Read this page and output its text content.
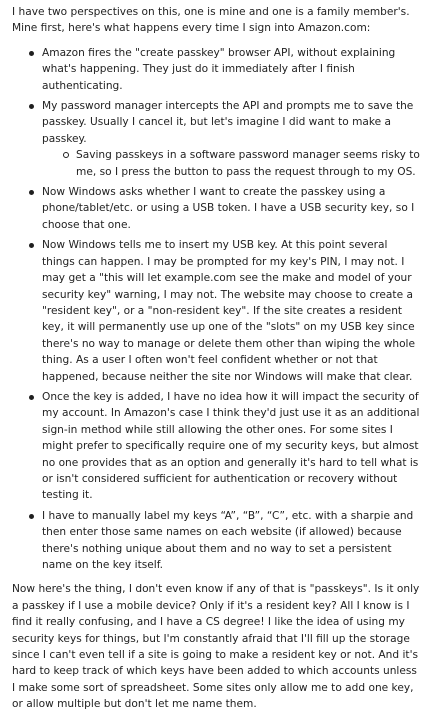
I have two perspectives on this, one is mine and one is a family member's. Mine first, here's what happens every time I sign into Amazon.com:

Amazon fires the "create passkey" browser API, without explaining what's happening. They just do it immediately after I finish authenticating.
My password manager intercepts the API and prompts me to save the passkey. Usually I cancel it, but let's imagine I did want to make a passkey.
Saving passkeys in a software password manager seems risky to me, so I press the button to pass the request through to my OS.
Now Windows asks whether I want to create the passkey using a phone/tablet/etc. or using a USB token. I have a USB security key, so I choose that one.
Now Windows tells me to insert my USB key. At this point several things can happen. I may be prompted for my key's PIN, I may not. I may get a "this will let example.com see the make and model of your security key" warning, I may not. The website may choose to create a "resident key", or a "non-resident key". If the site creates a resident key, it will permanently use up one of the "slots" on my USB key since there's no way to manage or delete them other than wiping the whole thing. As a user I often won't feel confident whether or not that happened, because neither the site nor Windows will make that clear.
Once the key is added, I have no idea how it will impact the security of my account. In Amazon's case I think they'd just use it as an additional sign-in method while still allowing the other ones. For some sites I might prefer to specifically require one of my security keys, but almost no one provides that as an option and generally it's hard to tell what is or isn't considered sufficient for authentication or recovery without testing it.
I have to manually label my keys “A”, “B”, “C”, etc. with a sharpie and then enter those same names on each website (if allowed) because there's nothing unique about them and no way to set a persistent name on the key itself.

Now here's the thing, I don't even know if any of that is "passkeys". Is it only a passkey if I use a mobile device? Only if it's a resident key? All I know is I find it really confusing, and I have a CS degree! I like the idea of using my security keys for things, but I'm constantly afraid that I'll fill up the storage since I can't even tell if a site is going to make a resident key or not. And it's hard to keep track of which keys have been added to which accounts unless I make some sort of spreadsheet. Some sites only allow me to add one key, or allow multiple but don't let me name them.
